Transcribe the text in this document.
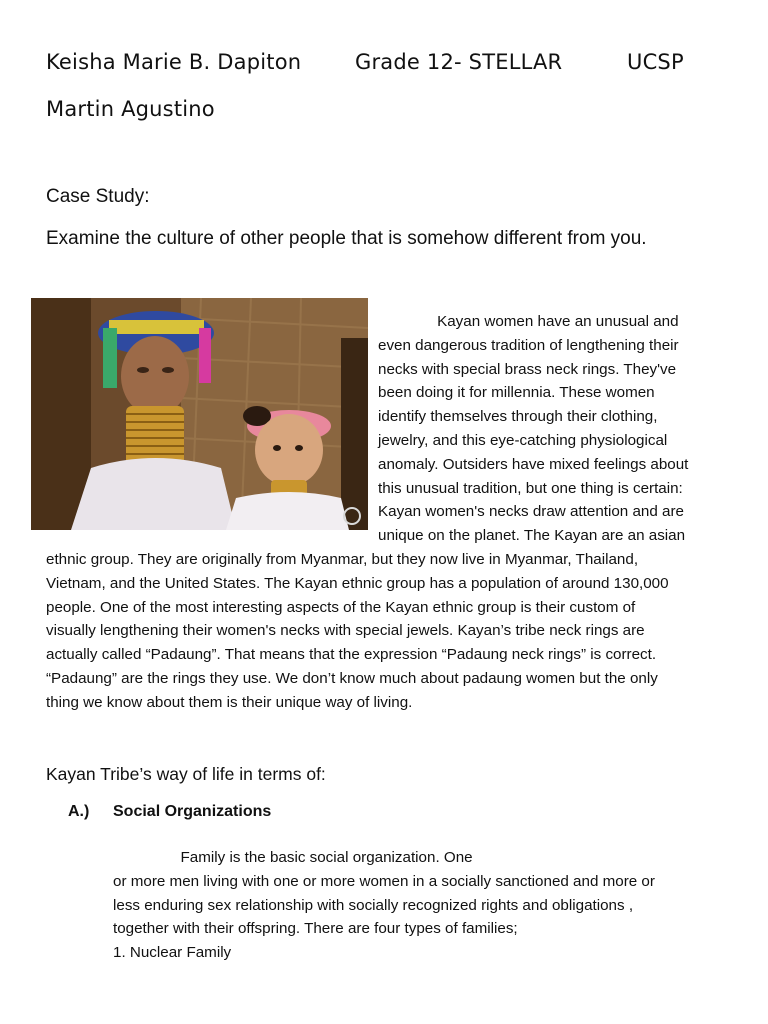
Keisha Marie B. Dapiton	Grade 12- STELLAR	UCSP
Martin Agustino
Case Study:
Examine the culture of other people that is somehow different from you.
Kayan women have an unusual and
even dangerous tradition of lengthening their
necks with special brass neck rings. They've
been doing it for millennia. These women
identify themselves through their clothing,
jewelry, and this eye-catching physiological
anomaly. Outsiders have mixed feelings about
this unusual tradition, but one thing is certain:
Kayan women's necks draw attention and are
unique on the planet. The Kayan are an asian
ethnic group. They are originally from Myanmar, but they now live in Myanmar, Thailand,
Vietnam, and the United States. The Kayan ethnic group has a population of around 130,000
people. One of the most interesting aspects of the Kayan ethnic group is their custom of
visually lengthening their women's necks with special jewels. Kayan’s tribe neck rings are
actually called “Padaung”. That means that the expression “Padaung neck rings” is correct.
“Padaung” are the rings they use. We don’t know much about padaung women but the only
thing we know about them is their unique way of living.
Kayan Tribe’s way of life in terms of:
A.) Social Organizations
Family is the basic social organization. One
or more men living with one or more women in a socially sanctioned and more or
less enduring sex relationship with socially recognized rights and obligations ,
together with their offspring. There are four types of families;
1. Nuclear Family
